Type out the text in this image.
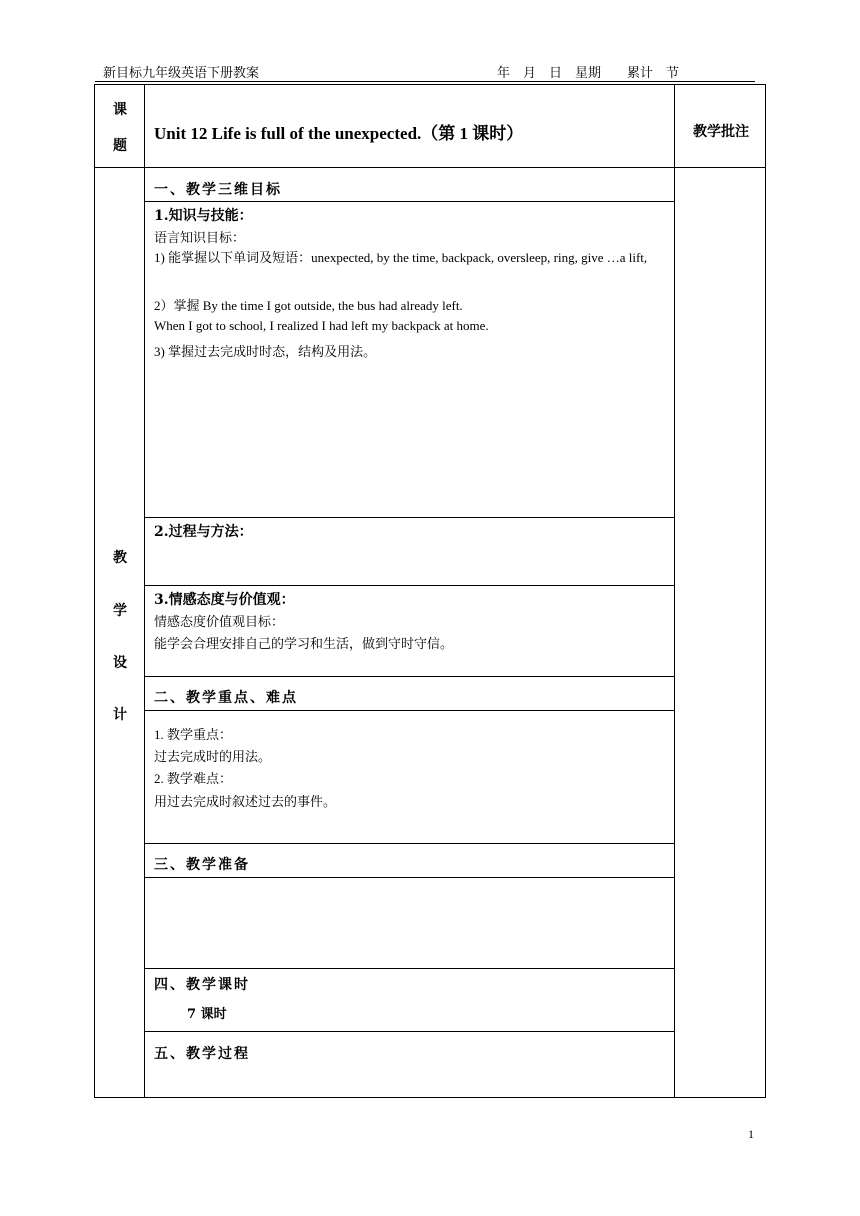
新目标九年级英语下册教案	年　月　日　星期　　累计　节
课
题
Unit 12 Life is full of the unexpected.（第 1 课时）	教学批注
教
学
设
计
一、教学三维目标
1.知识与技能：
语言知识目标：
1) 能掌握以下单词及短语：unexpected, by the time, backpack, oversleep, ring, give …a lift,
2）掌握 By the time I got outside, the bus had already left.
When I got to school, I realized I had left my backpack at home.
3) 掌握过去完成时时态，结构及用法。
2.过程与方法：
3.情感态度与价值观：
情感态度价值观目标：
能学会合理安排自己的学习和生活，做到守时守信。
二、教学重点、难点
1. 教学重点：
过去完成时的用法。
2. 教学难点：
用过去完成时叙述过去的事件。
三、教学准备
四、教学课时
7 课时
五、教学过程
1
